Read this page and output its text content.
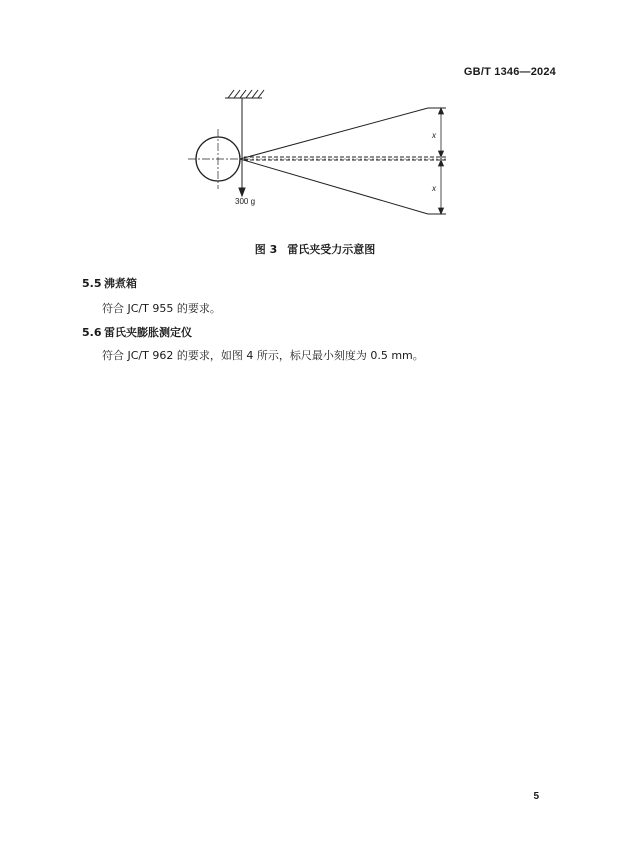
GB/T 1346—2024
300 g
x
x
图 3 雷氏夹受力示意图
5.5 沸煮箱
符合 JC/T 955 的要求。
5.6 雷氏夹膨胀测定仪
符合 JC/T 962 的要求，如图 4 所示，标尺最小刻度为 0.5 mm。
5
